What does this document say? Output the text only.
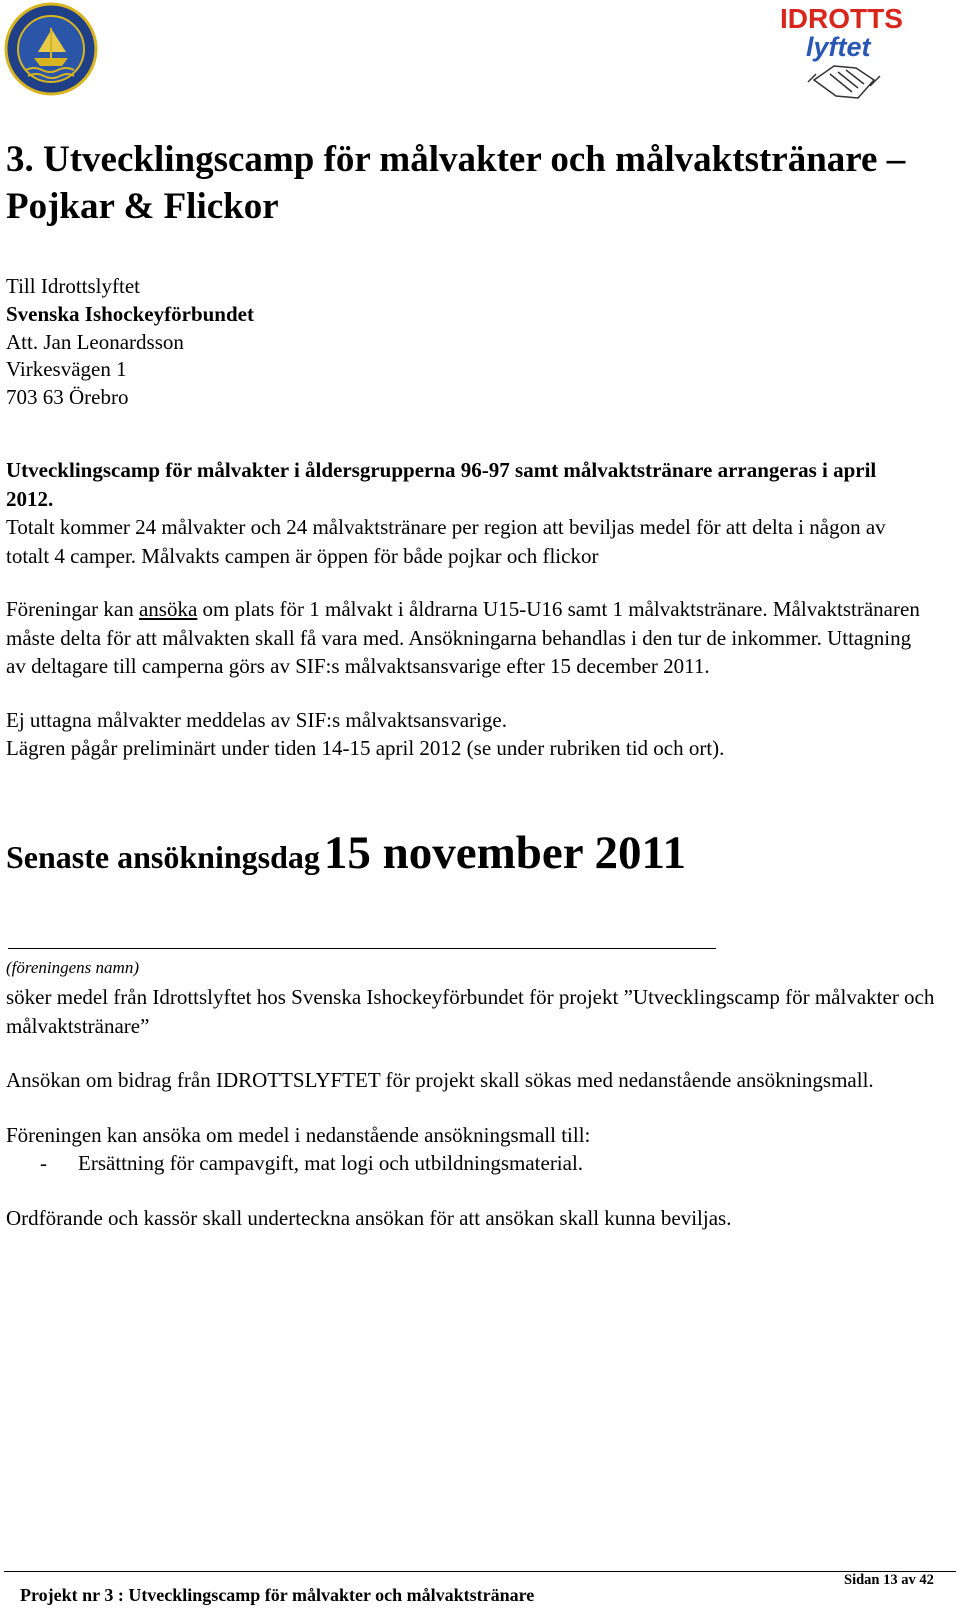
IDROTTS
lyftet
3. Utvecklingscamp för målvakter och målvaktstränare – Pojkar & Flickor
Till Idrottslyftet
Svenska Ishockeyförbundet
Att. Jan Leonardsson
Virkesvägen 1
703 63 Örebro
Utvecklingscamp för målvakter i åldersgrupperna 96-97 samt målvaktstränare arrangeras i april 2012.
Totalt kommer 24 målvakter och 24 målvaktstränare per region att beviljas medel för att delta i någon av totalt 4 camper. Målvakts campen är öppen för både pojkar och flickor
Föreningar kan ansöka om plats för 1 målvakt i åldrarna U15-U16 samt 1 målvaktstränare. Målvaktstränaren måste delta för att målvakten skall få vara med. Ansökningarna behandlas i den tur de inkommer. Uttagning av deltagare till camperna görs av SIF:s målvaktsansvarige efter 15 december 2011.
Ej uttagna målvakter meddelas av SIF:s målvaktsansvarige.
Lägren pågår preliminärt under tiden 14-15 april 2012 (se under rubriken tid och ort).
Senaste ansökningsdag 15 november 2011
(föreningens namn)
söker medel från Idrottslyftet hos Svenska Ishockeyförbundet för projekt ”Utvecklingscamp för målvakter och målvaktstränare”
Ansökan om bidrag från IDROTTSLYFTET för projekt skall sökas med nedanstående ansökningsmall.
Föreningen kan ansöka om medel i nedanstående ansökningsmall till:
- Ersättning för campavgift, mat logi och utbildningsmaterial.
Ordförande och kassör skall underteckna ansökan för att ansökan skall kunna beviljas.
Projekt nr 3 : Utvecklingscamp för målvakter och målvaktstränare
Sidan 13 av 42
